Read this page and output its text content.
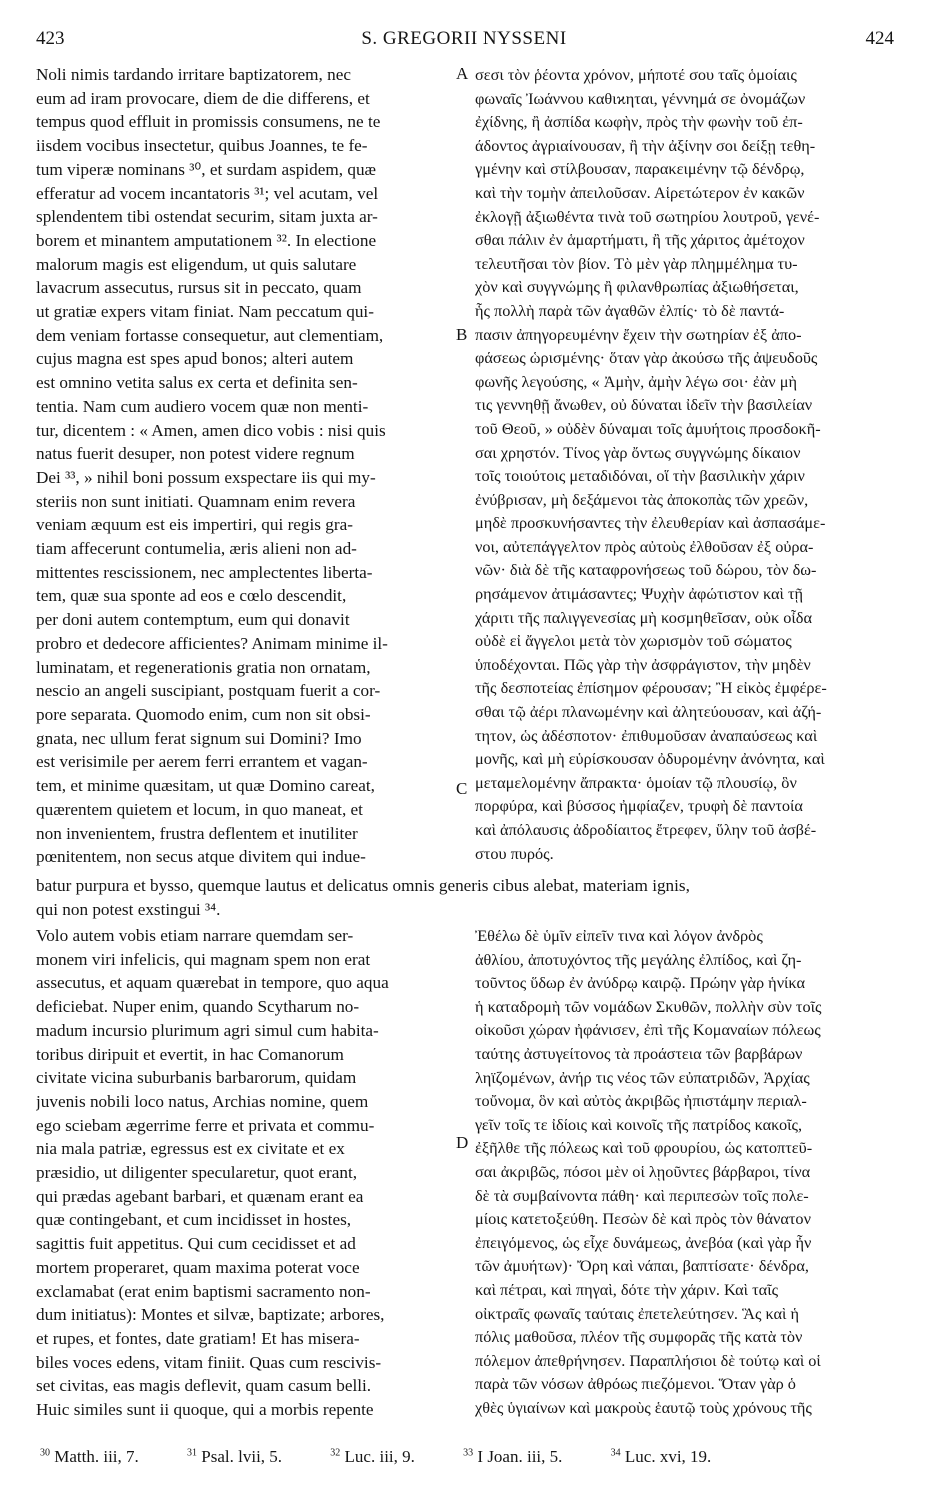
423	S. GREGORII NYSSENI	424
Noli nimis tardando irritare baptizatorem, nec
eum ad iram provocare, diem de die differens, et
tempus quod effluit in promissis consumens, ne te
iisdem vocibus insectetur, quibus Joannes, te fe-
tum viperæ nominans ³⁰, et surdam aspidem, quæ
efferatur ad vocem incantatoris ³¹; vel acutam, vel
splendentem tibi ostendat securim, sitam juxta ar-
borem et minantem amputationem ³². In electione
malorum magis est eligendum, ut quis salutare
lavacrum assecutus, rursus sit in peccato, quam
ut gratiæ expers vitam finiat. Nam peccatum qui-
dem veniam fortasse consequetur, aut clementiam,
cujus magna est spes apud bonos; alteri autem
est omnino vetita salus ex certa et definita sen-
tentia. Nam cum audiero vocem quæ non menti-
tur, dicentem : « Amen, amen dico vobis : nisi quis
natus fuerit desuper, non potest videre regnum
Dei ³³, » nihil boni possum exspectare iis qui my-
steriis non sunt initiati. Quamnam enim revera
veniam æquum est eis impertiri, qui regis gra-
tiam affecerunt contumelia, æris alieni non ad-
mittentes rescissionem, nec amplectentes liberta-
tem, quæ sua sponte ad eos e cœlo descendit,
per doni autem contemptum, eum qui donavit
probro et dedecore afficientes? Animam minime il-
luminatam, et regenerationis gratia non ornatam,
nescio an angeli suscipiant, postquam fuerit a cor-
pore separata. Quomodo enim, cum non sit obsi-
gnata, nec ullum ferat signum sui Domini? Imo
est verisimile per aerem ferri errantem et vagan-
tem, et minime quæsitam, ut quæ Domino careat,
quærentem quietem et locum, in quo maneat, et
non invenientem, frustra deflentem et inutiliter
pœnitentem, non secus atque divitem qui indue-
σεσι τὸν ῥέοντα χρόνον, μήποτέ σου ταῖς ὁμοίαις
φωναῖς Ἰωάννου καθιϰηται, γέννημά σε ὀνομάζων
ἐχίδνης, ἢ ἀσπίδα κωφὴν, πρὸς τὴν φωνὴν τοῦ ἐπ-
άδοντος ἀγριαίνουσαν, ἢ τὴν ἀξίνην σοι δείξῃ τεθη-
γμένην καὶ στίλβουσαν, παρακειμένην τῷ δένδρῳ,
καὶ τὴν τομὴν ἀπειλοῦσαν. Αἱρετώτερον ἐν κακῶν
ἐκλογῇ ἀξιωθέντα τινὰ τοῦ σωτηρίου λουτροῦ, γενέ-
σθαι πάλιν ἐν ἁμαρτήματι, ἢ τῆς χάριτος ἀμέτοχον
τελευτῆσαι τὸν βίον. Τὸ μὲν γὰρ πλημμέλημα τυ-
χὸν καὶ συγγνώμης ἢ φιλανθρωπίας ἀξιωθήσεται,
ἧς πολλὴ παρὰ τῶν ἀγαθῶν ἐλπίς· τὸ δὲ παντά-
πασιν ἀπηγορευμένην ἔχειν τὴν σωτηρίαν ἐξ ἀπο-
φάσεως ὡρισμένης· ὅταν γὰρ ἀκούσω τῆς ἀψευδοῦς
φωνῆς λεγούσης, « Ἀμὴν, ἀμὴν λέγω σοι· ἐὰν μὴ
τις γεννηθῇ ἄνωθεν, οὐ δύναται ἰδεῖν τὴν βασιλείαν
τοῦ Θεοῦ, » οὐδὲν δύναμαι τοῖς ἀμυήτοις προσδοκῆ-
σαι χρηστόν. Τίνος γὰρ ὄντως συγγνώμης δίκαιον
τοῖς τοιούτοις μεταδιδόναι, οἵ τὴν βασιλικὴν χάριν
ἐνύβρισαν, μὴ δεξάμενοι τὰς ἀποκοπὰς τῶν χρεῶν,
μηδὲ προσκυνήσαντες τὴν ἐλευθερίαν καὶ ἀσπασάμε-
νοι, αὐτεπάγγελτον πρὸς αὐτοὺς ἐλθοῦσαν ἐξ οὐρα-
νῶν· διὰ δὲ τῆς καταφρονήσεως τοῦ δώρου, τὸν δω-
ρησάμενον ἀτιμάσαντες; Ψυχὴν ἀφώτιστον καὶ τῇ
χάριτι τῆς παλιγγενεσίας μὴ κοσμηθεῖσαν, οὐκ οἶδα
οὐδὲ εἰ ἄγγελοι μετὰ τὸν χωρισμὸν τοῦ σώματος
ὑποδέχονται. Πῶς γὰρ τὴν ἀσφράγιστον, τὴν μηδὲν
τῆς δεσποτείας ἐπίσημον φέρουσαν; Ἢ εἰκὸς ἐμφέρε-
σθαι τῷ ἀέρι πλανωμένην καὶ ἀλητεύουσαν, καὶ ἀζή-
τητον, ὡς ἀδέσποτον· ἐπιθυμοῦσαν ἀναπαύσεως καὶ
μονῆς, καὶ μὴ εὑρίσκουσαν ὀδυρομένην ἀνόνητα, καὶ
μεταμελομένην ἄπρακτα· ὁμοίαν τῷ πλουσίῳ, ὃν
πορφύρα, καὶ βύσσος ἠμφίαζεν, τρυφὴ δὲ παντοία
καὶ ἀπόλαυσις ἀδροδίαιτος ἔτρεφεν, ὕλην τοῦ ἀσβέ-
στου πυρός.
batur purpura et bysso, quemque lautus et delicatus omnis generis cibus alebat, materiam ignis,
qui non potest exstingui ³⁴.
Volo autem vobis etiam narrare quemdam ser-
monem viri infelicis, qui magnam spem non erat
assecutus, et aquam quærebat in tempore, quo aqua
deficiebat. Nuper enim, quando Scytharum no-
madum incursio plurimum agri simul cum habita-
toribus diripuit et evertit, in hac Comanorum
civitate vicina suburbanis barbarorum, quidam
juvenis nobili loco natus, Archias nomine, quem
ego sciebam ægerrime ferre et privata et commu-
nia mala patriæ, egressus est ex civitate et ex
præsidio, ut diligenter specularetur, quot erant,
qui prædas agebant barbari, et quænam erant ea
quæ contingebant, et cum incidisset in hostes,
sagittis fuit appetitus. Qui cum cecidisset et ad
mortem properaret, quam maxima poterat voce
exclamabat (erat enim baptismi sacramento non-
dum initiatus): Montes et silvæ, baptizate; arbores,
et rupes, et fontes, date gratiam! Et has misera-
biles voces edens, vitam finiit. Quas cum rescivis-
set civitas, eas magis deflevit, quam casum belli.
Huic similes sunt ii quoque, qui a morbis repente
Ἐθέλω δὲ ὑμῖν εἰπεῖν τινα καὶ λόγον ἀνδρὸς
ἀθλίου, ἀποτυχόντος τῆς μεγάλης ἐλπίδος, καὶ ζη-
τοῦντος ὕδωρ ἐν ἀνύδρῳ καιρῷ. Πρώην γὰρ ἡνίκα
ἡ καταδρομὴ τῶν νομάδων Σκυθῶν, πολλὴν σὺν τοῖς
οἰκοῦσι χώραν ἠφάνισεν, ἐπὶ τῆς Κομαναίων πόλεως
ταύτης ἀστυγείτονος τὰ προάστεια τῶν βαρβάρων
ληϊζομένων, ἀνήρ τις νέος τῶν εὐπατριδῶν, Ἀρχίας
τοὔνομα, ὃν καὶ αὐτὸς ἀκριβῶς ἠπιστάμην περιαλ-
γεῖν τοῖς τε ἰδίοις καὶ κοινοῖς τῆς πατρίδος κακοῖς,
ἐξῆλθε τῆς πόλεως καὶ τοῦ φρουρίου, ὡς κατοπτεῦ-
σαι ἀκριβῶς, πόσοι μὲν οἱ λῃοῦντες βάρβαροι, τίνα
δὲ τὰ συμβαίνοντα πάθη· καὶ περιπεσὼν τοῖς πολε-
μίοις κατετοξεύθη. Πεσὼν δὲ καὶ πρὸς τὸν θάνατον
ἐπειγόμενος, ὡς εἶχε δυνάμεως, ἀνεβόα (καὶ γὰρ ἦν
τῶν ἀμυήτων)· Ὄρη καὶ νάπαι, βαπτίσατε· δένδρα,
καὶ πέτραι, καὶ πηγαὶ, δότε τὴν χάριν. Καὶ ταῖς
οἰκτραῖς φωναῖς ταύταις ἐπετελεύτησεν. Ἃς καὶ ἡ
πόλις μαθοῦσα, πλέον τῆς συμφορᾶς τῆς κατὰ τὸν
πόλεμον ἀπεθρήνησεν. Παραπλήσιοι δὲ τούτῳ καὶ οἱ
παρὰ τῶν νόσων ἀθρόως πιεζόμενοι. Ὅταν γὰρ ὁ
χθὲς ὑγιαίνων καὶ μακροὺς ἑαυτῷ τοὺς χρόνους τῆς
A
B
C
D
$^{30}$ Matth. iii, 7.	$^{31}$ Psal. lvii, 5.	$^{32}$ Luc. iii, 9.	$^{33}$ I Joan. iii, 5.	$^{34}$ Luc. xvi, 19.
